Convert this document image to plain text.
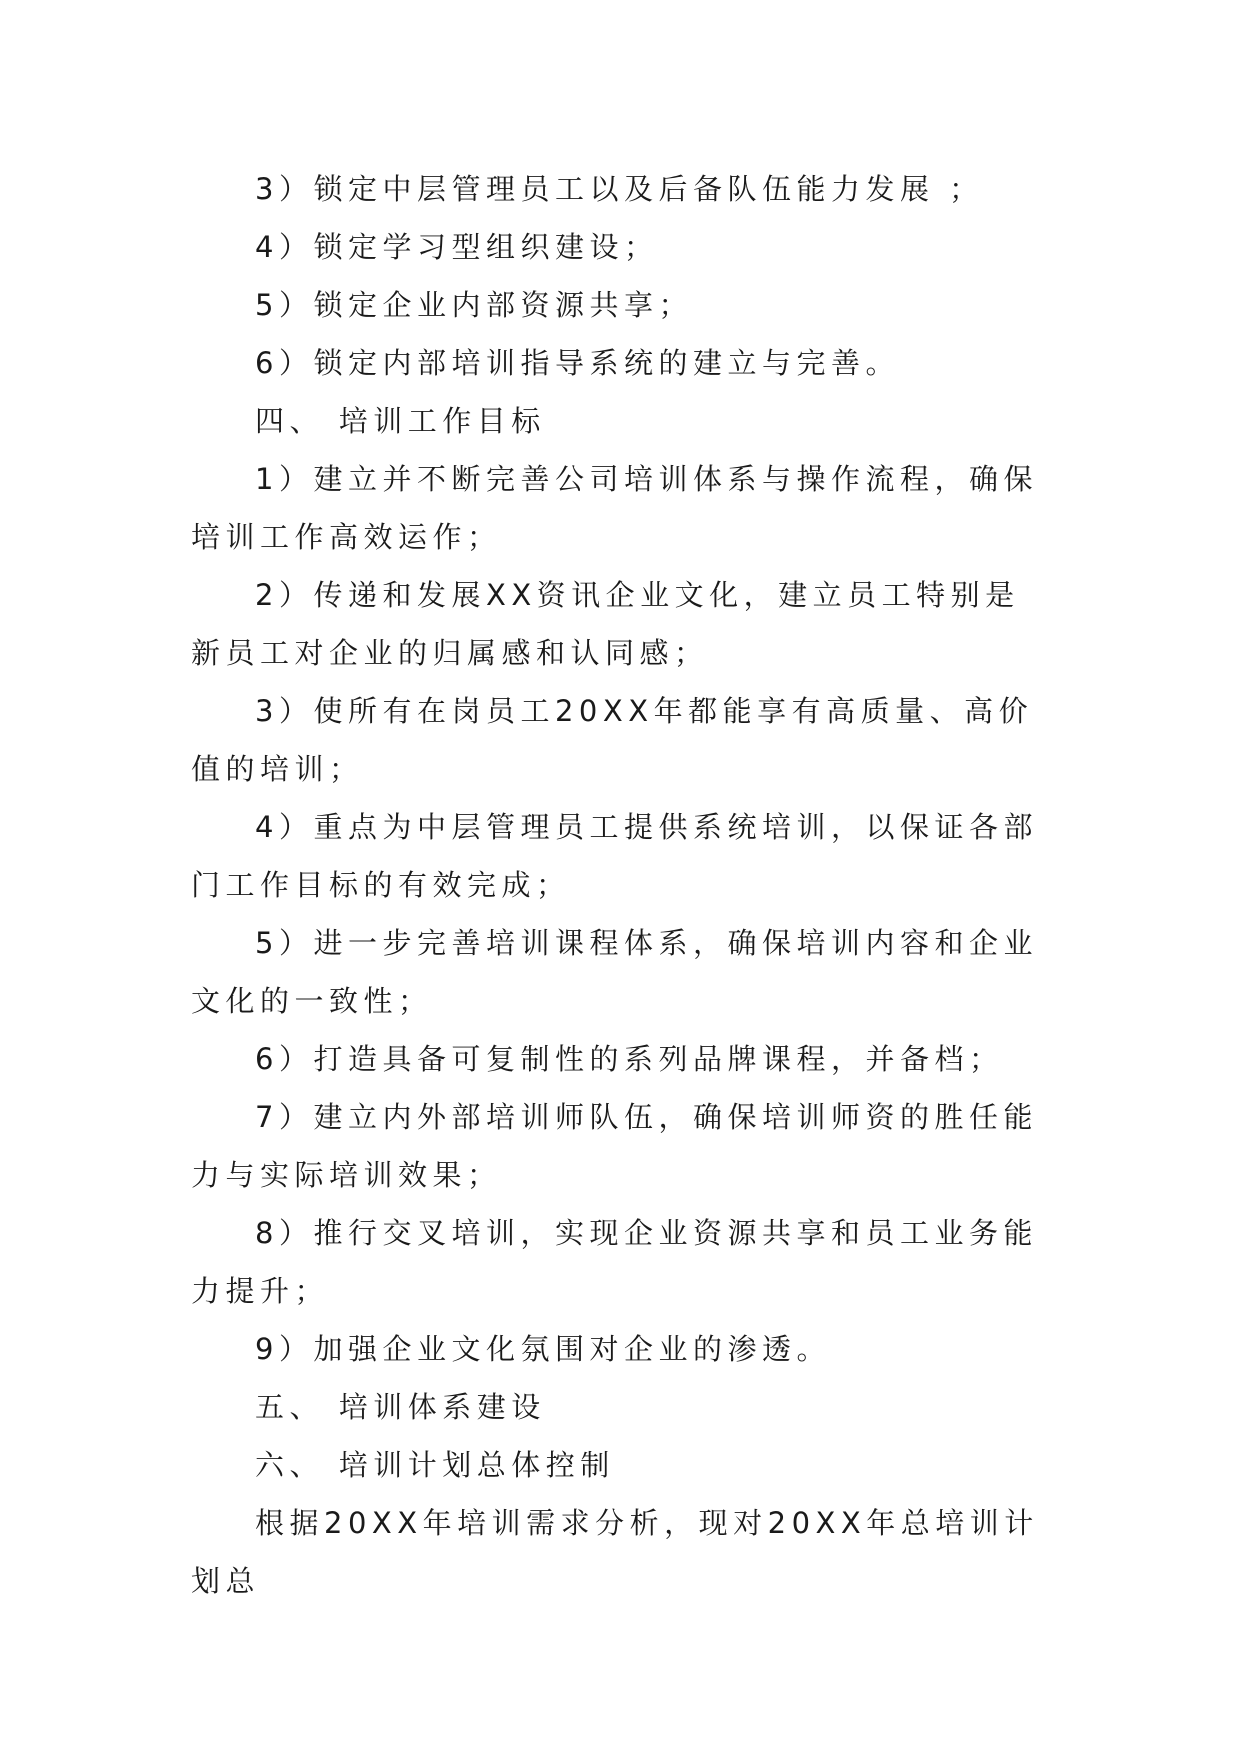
3）锁定中层管理员工以及后备队伍能力发展 ；

4）锁定学习型组织建设；

5）锁定企业内部资源共享；

6）锁定内部培训指导系统的建立与完善。

四、 培训工作目标

1）建立并不断完善公司培训体系与操作流程，确保培训工作高效运作；

2）传递和发展XX资讯企业文化，建立员工特别是新员工对企业的归属感和认同感；

3）使所有在岗员工20XX年都能享有高质量、高价值的培训；

4）重点为中层管理员工提供系统培训，以保证各部门工作目标的有效完成；

5）进一步完善培训课程体系，确保培训内容和企业文化的一致性；

6）打造具备可复制性的系列品牌课程，并备档；

7）建立内外部培训师队伍，确保培训师资的胜任能力与实际培训效果；

8）推行交叉培训，实现企业资源共享和员工业务能力提升；

9）加强企业文化氛围对企业的渗透。

五、 培训体系建设

六、 培训计划总体控制

根据20XX年培训需求分析，现对20XX年总培训计划总
